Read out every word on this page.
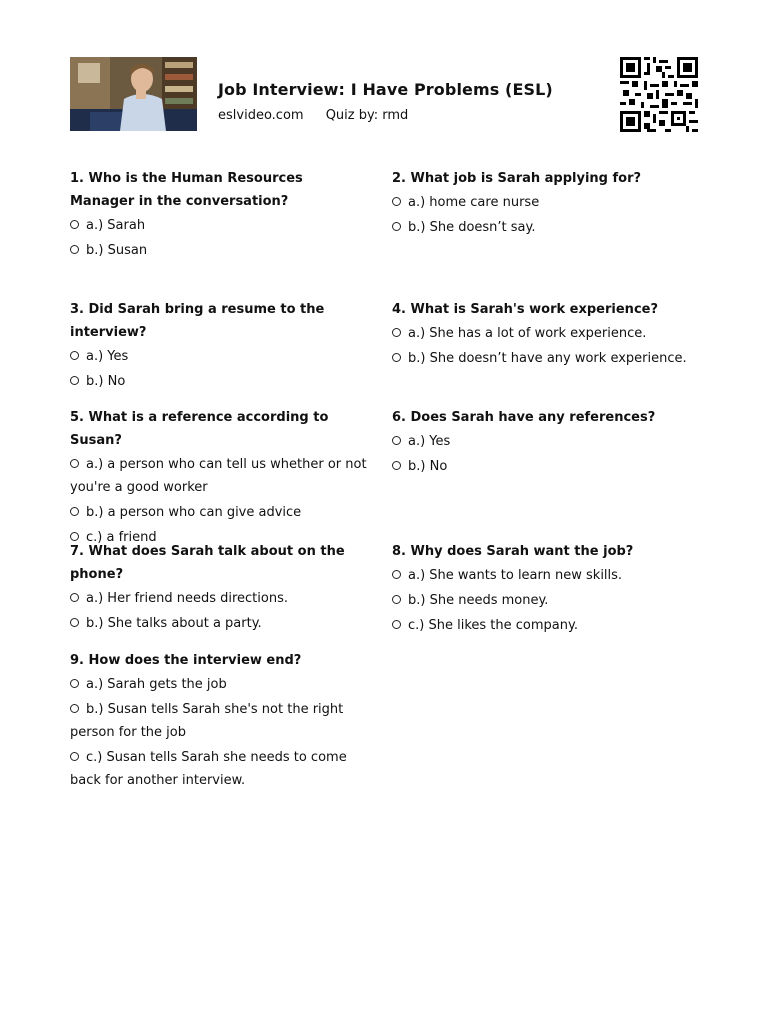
Job Interview: I Have Problems (ESL)
eslvideo.com Quiz by: rmd
1. Who is the Human Resources Manager in the conversation?
a.) Sarah
b.) Susan
2. What job is Sarah applying for?
a.) home care nurse
b.) She doesn’t say.
3. Did Sarah bring a resume to the interview?
a.) Yes
b.) No
4. What is Sarah's work experience?
a.) She has a lot of work experience.
b.) She doesn’t have any work experience.
5. What is a reference according to Susan?
a.) a person who can tell us whether or not you're a good worker
b.) a person who can give advice
c.) a friend
6. Does Sarah have any references?
a.) Yes
b.) No
7. What does Sarah talk about on the phone?
a.) Her friend needs directions.
b.) She talks about a party.
8. Why does Sarah want the job?
a.) She wants to learn new skills.
b.) She needs money.
c.) She likes the company.
9. How does the interview end?
a.) Sarah gets the job
b.) Susan tells Sarah she's not the right person for the job
c.) Susan tells Sarah she needs to come back for another interview.
